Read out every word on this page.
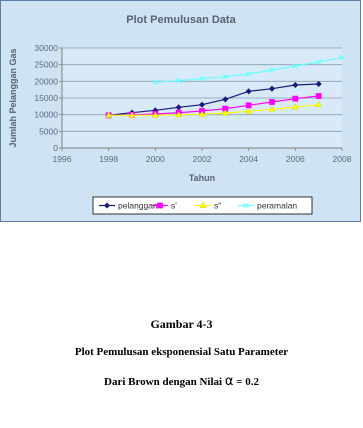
Plot Pemulusan Data
0
5000
10000
15000
20000
25000
30000
1996	1998	2000	2002	2004	2006	2008
Tahun
Jumlah Pelanggan Gas
pelanggan s'	s''	peramalan
Gambar 4-3
Plot Pemulusan eksponensial Satu Parameter
Dari Brown dengan Nilai α = 0.2
